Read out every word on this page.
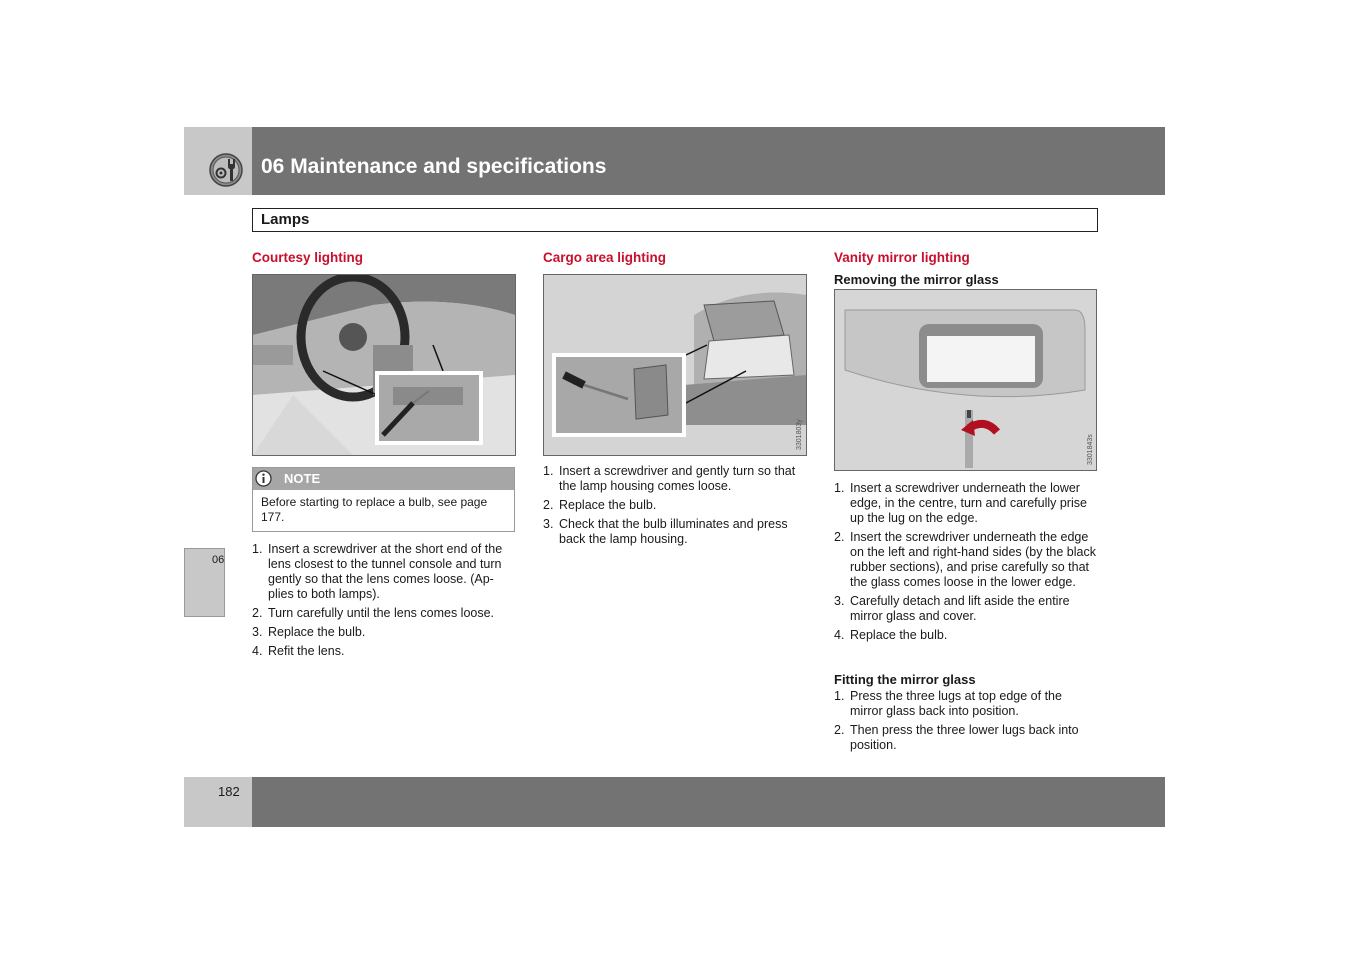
06 Maintenance and specifications
Lamps
06
Courtesy lighting
NOTE
Before starting to replace a bulb, see page 177.
1. Insert a screwdriver at the short end of the lens closest to the tunnel console and turn gently so that the lens comes loose. (Ap-plies to both lamps).
2. Turn carefully until the lens comes loose.
3. Replace the bulb.
4. Refit the lens.
Cargo area lighting
3301803y
1. Insert a screwdriver and gently turn so that the lamp housing comes loose.
2. Replace the bulb.
3. Check that the bulb illuminates and press back the lamp housing.
Vanity mirror lighting
Removing the mirror glass
3301843s
1. Insert a screwdriver underneath the lower edge, in the centre, turn and carefully prise up the lug on the edge.
2. Insert the screwdriver underneath the edge on the left and right-hand sides (by the black rubber sections), and prise carefully so that the glass comes loose in the lower edge.
3. Carefully detach and lift aside the entire mirror glass and cover.
4. Replace the bulb.
Fitting the mirror glass
1. Press the three lugs at top edge of the mirror glass back into position.
2. Then press the three lower lugs back into position.
182
